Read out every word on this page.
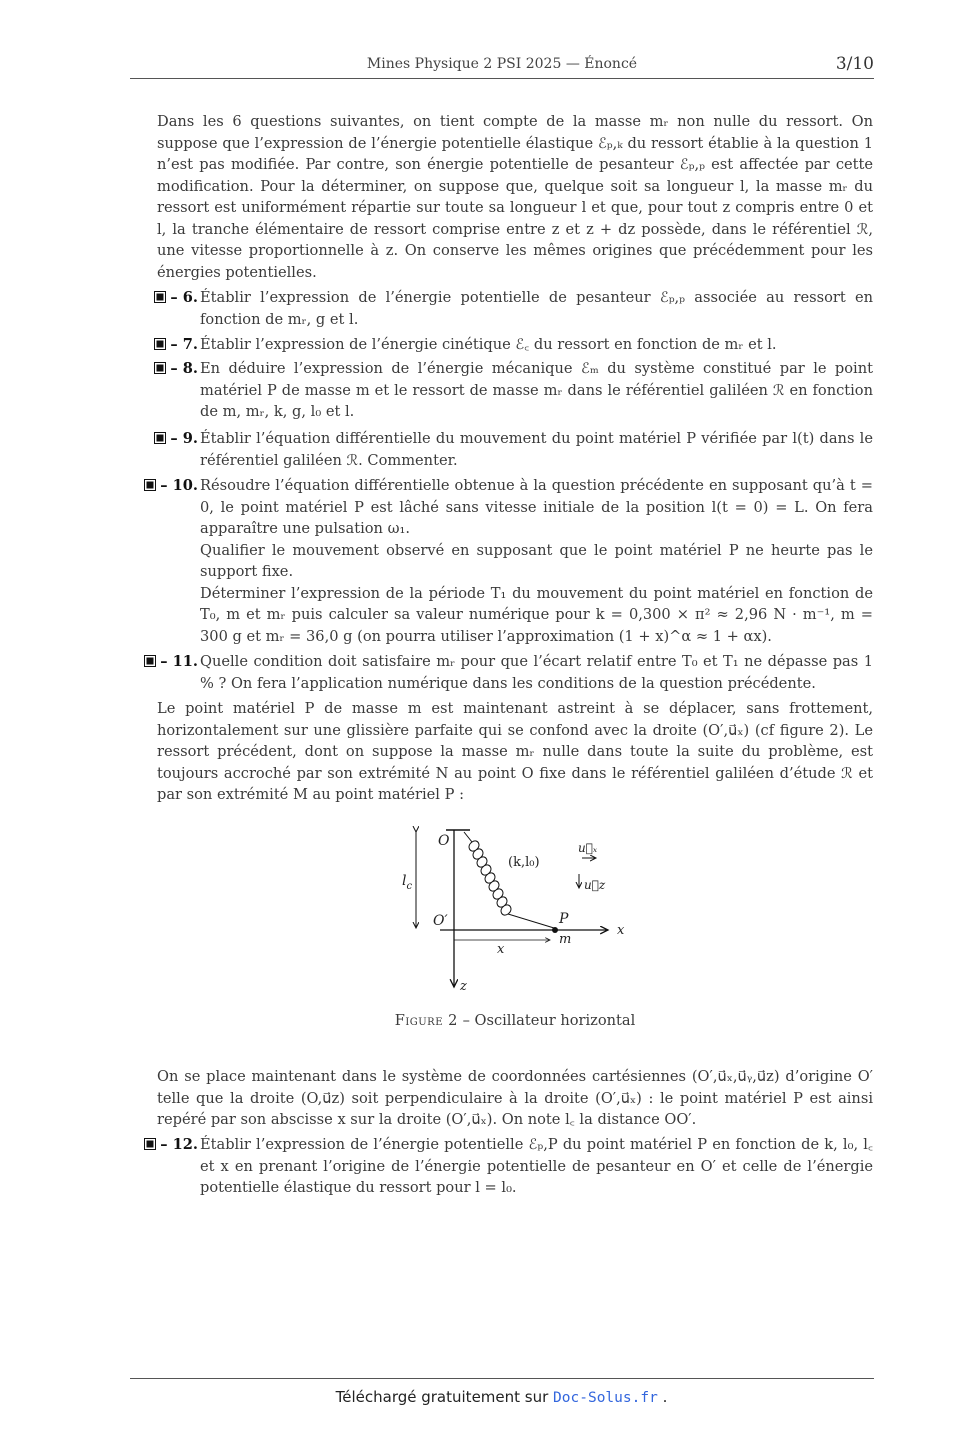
Mines Physique 2 PSI 2025 — Énoncé	3/10
Dans les 6 questions suivantes, on tient compte de la masse mᵣ non nulle du ressort. On suppose que l’expression de l’énergie potentielle élastique ℰₚ,ₖ du ressort établie à la question 1 n’est pas modifiée. Par contre, son énergie potentielle de pesanteur ℰₚ,ₚ est affectée par cette modification. Pour la déterminer, on suppose que, quelque soit sa longueur l, la masse mᵣ du ressort est uniformément répartie sur toute sa longueur l et que, pour tout z compris entre 0 et l, la tranche élémentaire de ressort comprise entre z et z + dz possède, dans le référentiel ℛ, une vitesse proportionnelle à z. On conserve les mêmes origines que précédemment pour les énergies potentielles.
– 6. Établir l’expression de l’énergie potentielle de pesanteur ℰₚ,ₚ associée au ressort en fonction de mᵣ, g et l.
– 7. Établir l’expression de l’énergie cinétique ℰ꜀ du ressort en fonction de mᵣ et l.
– 8. En déduire l’expression de l’énergie mécanique ℰₘ du système constitué par le point matériel P de masse m et le ressort de masse mᵣ dans le référentiel galiléen ℛ en fonction de m, mᵣ, k, g, l₀ et l.
– 9. Établir l’équation différentielle du mouvement du point matériel P vérifiée par l(t) dans le référentiel galiléen ℛ. Commenter.
– 10. Résoudre l’équation différentielle obtenue à la question précédente en supposant qu’à t = 0, le point matériel P est lâché sans vitesse initiale de la position l(t = 0) = L. On fera apparaître une pulsation ω₁.

Qualifier le mouvement observé en supposant que le point matériel P ne heurte pas le support fixe.

Déterminer l’expression de la période T₁ du mouvement du point matériel en fonction de T₀, m et mᵣ puis calculer sa valeur numérique pour k = 0,300 × π² ≈ 2,96 N · m⁻¹, m = 300 g et mᵣ = 36,0 g (on pourra utiliser l’approximation (1 + x)^α ≈ 1 + αx).

– 11. Quelle condition doit satisfaire mᵣ pour que l’écart relatif entre T₀ et T₁ ne dépasse pas 1 % ? On fera l’application numérique dans les conditions de la question précédente.
Le point matériel P de masse m est maintenant astreint à se déplacer, sans frottement, horizontalement sur une glissière parfaite qui se confond avec la droite (O′,u⃗ₓ) (cf figure 2). Le ressort précédent, dont on suppose la masse mᵣ nulle dans toute la suite du problème, est toujours accroché par son extrémité N au point O fixe dans le référentiel galiléen d’étude ℛ et par son extrémité M au point matériel P :
O
O′	P
m
x
z
x
$l_c$
(k,l₀)
u⃗ₓ
u⃗z
Figure 2 – Oscillateur horizontal
On se place maintenant dans le système de coordonnées cartésiennes (O′,u⃗ₓ,u⃗ᵧ,u⃗z) d’origine O′ telle que la droite (O,u⃗z) soit perpendiculaire à la droite (O′,u⃗ₓ) : le point matériel P est ainsi repéré par son abscisse x sur la droite (O′,u⃗ₓ). On note l꜀ la distance OO′.
– 12. Établir l’expression de l’énergie potentielle ℰₚ,P du point matériel P en fonction de k, l₀, l꜀ et x en prenant l’origine de l’énergie potentielle de pesanteur en O′ et celle de l’énergie potentielle élastique du ressort pour l = l₀.
Téléchargé gratuitement sur Doc-Solus.fr .
